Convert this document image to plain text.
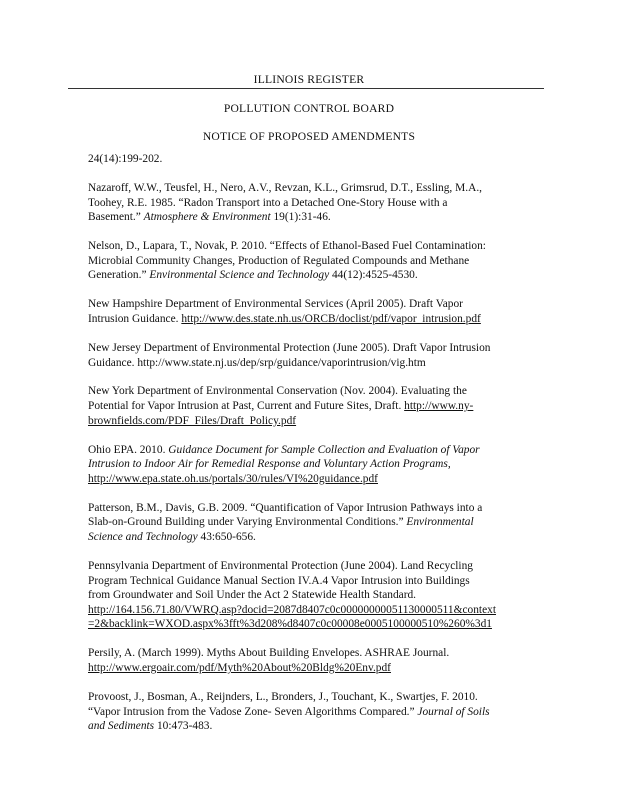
ILLINOIS REGISTER
POLLUTION CONTROL BOARD
NOTICE OF PROPOSED AMENDMENTS

24(14):199-202.

Nazaroff, W.W., Teusfel, H., Nero, A.V., Revzan, K.L., Grimsrud, D.T., Essling, M.A.,
Toohey, R.E. 1985. “Radon Transport into a Detached One-Story House with a
Basement.” Atmosphere & Environment 19(1):31-46.

Nelson, D., Lapara, T., Novak, P. 2010. “Effects of Ethanol-Based Fuel Contamination:
Microbial Community Changes, Production of Regulated Compounds and Methane
Generation.” Environmental Science and Technology 44(12):4525-4530.

New Hampshire Department of Environmental Services (April 2005). Draft Vapor
Intrusion Guidance. http://www.des.state.nh.us/ORCB/doclist/pdf/vapor_intrusion.pdf

New Jersey Department of Environmental Protection (June 2005). Draft Vapor Intrusion
Guidance. http://www.state.nj.us/dep/srp/guidance/vaporintrusion/vig.htm

New York Department of Environmental Conservation (Nov. 2004). Evaluating the
Potential for Vapor Intrusion at Past, Current and Future Sites, Draft. http://www.ny-
brownfields.com/PDF_Files/Draft_Policy.pdf

Ohio EPA. 2010. Guidance Document for Sample Collection and Evaluation of Vapor
Intrusion to Indoor Air for Remedial Response and Voluntary Action Programs,
http://www.epa.state.oh.us/portals/30/rules/VI%20guidance.pdf

Patterson, B.M., Davis, G.B. 2009. “Quantification of Vapor Intrusion Pathways into a
Slab-on-Ground Building under Varying Environmental Conditions.” Environmental
Science and Technology 43:650-656.

Pennsylvania Department of Environmental Protection (June 2004). Land Recycling
Program Technical Guidance Manual Section IV.A.4 Vapor Intrusion into Buildings
from Groundwater and Soil Under the Act 2 Statewide Health Standard.
http://164.156.71.80/VWRQ.asp?docid=2087d8407c0c00000000051130000511&context
=2&backlink=WXOD.aspx%3fft%3d208%d8407c0c00008e0005100000510%260%3d1

Persily, A. (March 1999). Myths About Building Envelopes. ASHRAE Journal.
http://www.ergoair.com/pdf/Myth%20About%20Bldg%20Env.pdf

Provoost, J., Bosman, A., Reijnders, L., Bronders, J., Touchant, K., Swartjes, F. 2010.
“Vapor Intrusion from the Vadose Zone- Seven Algorithms Compared.” Journal of Soils
and Sediments 10:473-483.
